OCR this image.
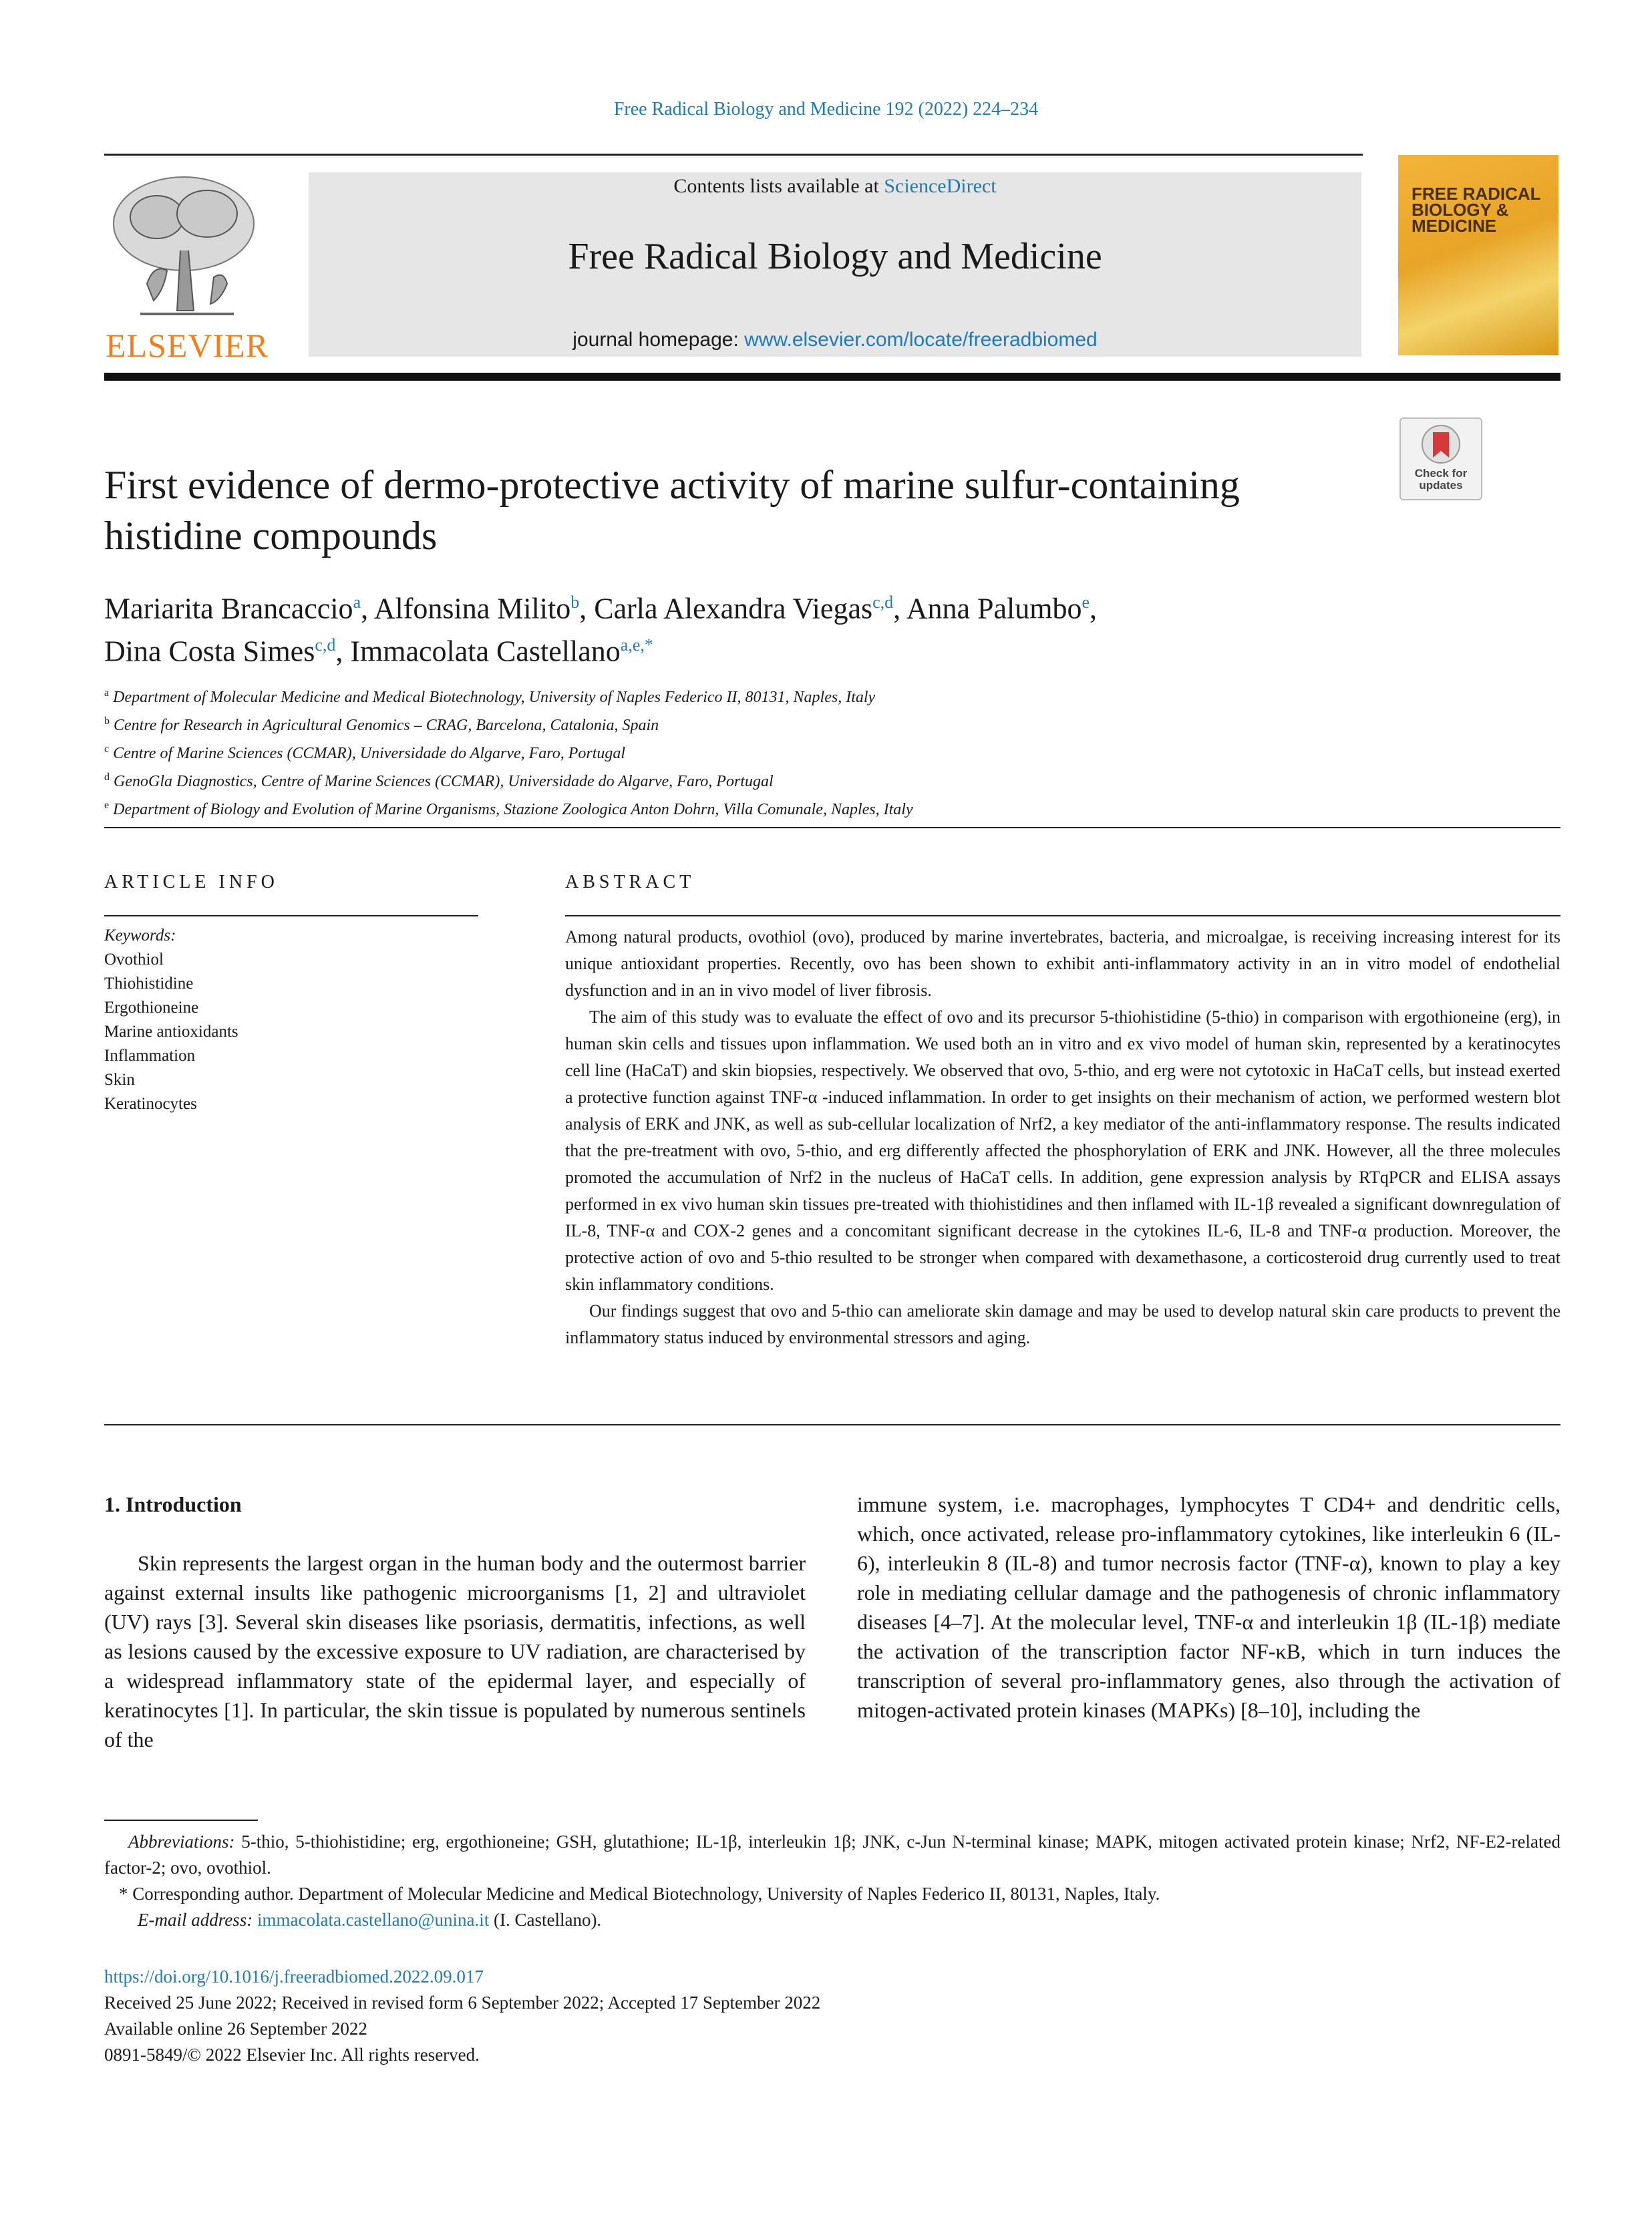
Free Radical Biology and Medicine 192 (2022) 224–234
ELSEVIER
Contents lists available at ScienceDirect
Free Radical Biology and Medicine
journal homepage: www.elsevier.com/locate/freeradbiomed
FREE RADICAL BIOLOGY & MEDICINE
Check for updates
First evidence of dermo-protective activity of marine sulfur-containing histidine compounds
Mariarita Brancaccio$^a$, Alfonsina Milito$^b$, Carla Alexandra Viegas$^{c,d}$, Anna Palumbo$^e$,
Dina Costa Simes$^{c,d}$, Immacolata Castellano$^{a,e,*}$
$^a$ Department of Molecular Medicine and Medical Biotechnology, University of Naples Federico II, 80131, Naples, Italy
$^b$ Centre for Research in Agricultural Genomics – CRAG, Barcelona, Catalonia, Spain
$^c$ Centre of Marine Sciences (CCMAR), Universidade do Algarve, Faro, Portugal
$^d$ GenoGla Diagnostics, Centre of Marine Sciences (CCMAR), Universidade do Algarve, Faro, Portugal
$^e$ Department of Biology and Evolution of Marine Organisms, Stazione Zoologica Anton Dohrn, Villa Comunale, Naples, Italy
ARTICLE INFO	ABSTRACT
Keywords:
Ovothiol
Thiohistidine
Ergothioneine
Marine antioxidants
Inflammation
Skin
Keratinocytes

Among natural products, ovothiol (ovo), produced by marine invertebrates, bacteria, and microalgae, is receiving increasing interest for its unique antioxidant properties. Recently, ovo has been shown to exhibit anti-inflammatory activity in an in vitro model of endothelial dysfunction and in an in vivo model of liver fibrosis.

The aim of this study was to evaluate the effect of ovo and its precursor 5-thiohistidine (5-thio) in comparison with ergothioneine (erg), in human skin cells and tissues upon inflammation. We used both an in vitro and ex vivo model of human skin, represented by a keratinocytes cell line (HaCaT) and skin biopsies, respectively. We observed that ovo, 5-thio, and erg were not cytotoxic in HaCaT cells, but instead exerted a protective function against TNF-α -induced inflammation. In order to get insights on their mechanism of action, we performed western blot analysis of ERK and JNK, as well as sub-cellular localization of Nrf2, a key mediator of the anti-inflammatory response. The results indicated that the pre-treatment with ovo, 5-thio, and erg differently affected the phosphorylation of ERK and JNK. However, all the three molecules promoted the accumulation of Nrf2 in the nucleus of HaCaT cells. In addition, gene expression analysis by RTqPCR and ELISA assays performed in ex vivo human skin tissues pre-treated with thiohistidines and then inflamed with IL-1β revealed a significant downregulation of IL-8, TNF-α and COX-2 genes and a concomitant significant decrease in the cytokines IL-6, IL-8 and TNF-α production. Moreover, the protective action of ovo and 5-thio resulted to be stronger when compared with dexamethasone, a corticosteroid drug currently used to treat skin inflammatory conditions.

Our findings suggest that ovo and 5-thio can ameliorate skin damage and may be used to develop natural skin care products to prevent the inflammatory status induced by environmental stressors and aging.

1. Introduction

Skin represents the largest organ in the human body and the outermost barrier against external insults like pathogenic microorganisms [1, 2] and ultraviolet (UV) rays [3]. Several skin diseases like psoriasis, dermatitis, infections, as well as lesions caused by the excessive exposure to UV radiation, are characterised by a widespread inflammatory state of the epidermal layer, and especially of keratinocytes [1]. In particular, the skin tissue is populated by numerous sentinels of the

immune system, i.e. macrophages, lymphocytes T CD4+ and dendritic cells, which, once activated, release pro-inflammatory cytokines, like interleukin 6 (IL-6), interleukin 8 (IL-8) and tumor necrosis factor (TNF-α), known to play a key role in mediating cellular damage and the pathogenesis of chronic inflammatory diseases [4–7]. At the molecular level, TNF-α and interleukin 1β (IL-1β) mediate the activation of the transcription factor NF-κB, which in turn induces the transcription of several pro-inflammatory genes, also through the activation of mitogen-activated protein kinases (MAPKs) [8–10], including the

Abbreviations: 5-thio, 5-thiohistidine; erg, ergothioneine; GSH, glutathione; IL-1β, interleukin 1β; JNK, c-Jun N-terminal kinase; MAPK, mitogen activated protein kinase; Nrf2, NF-E2-related factor-2; ovo, ovothiol.

* Corresponding author. Department of Molecular Medicine and Medical Biotechnology, University of Naples Federico II, 80131, Naples, Italy.

E-mail address: immacolata.castellano@unina.it (I. Castellano).

https://doi.org/10.1016/j.freeradbiomed.2022.09.017

Received 25 June 2022; Received in revised form 6 September 2022; Accepted 17 September 2022

Available online 26 September 2022

0891-5849/© 2022 Elsevier Inc. All rights reserved.
